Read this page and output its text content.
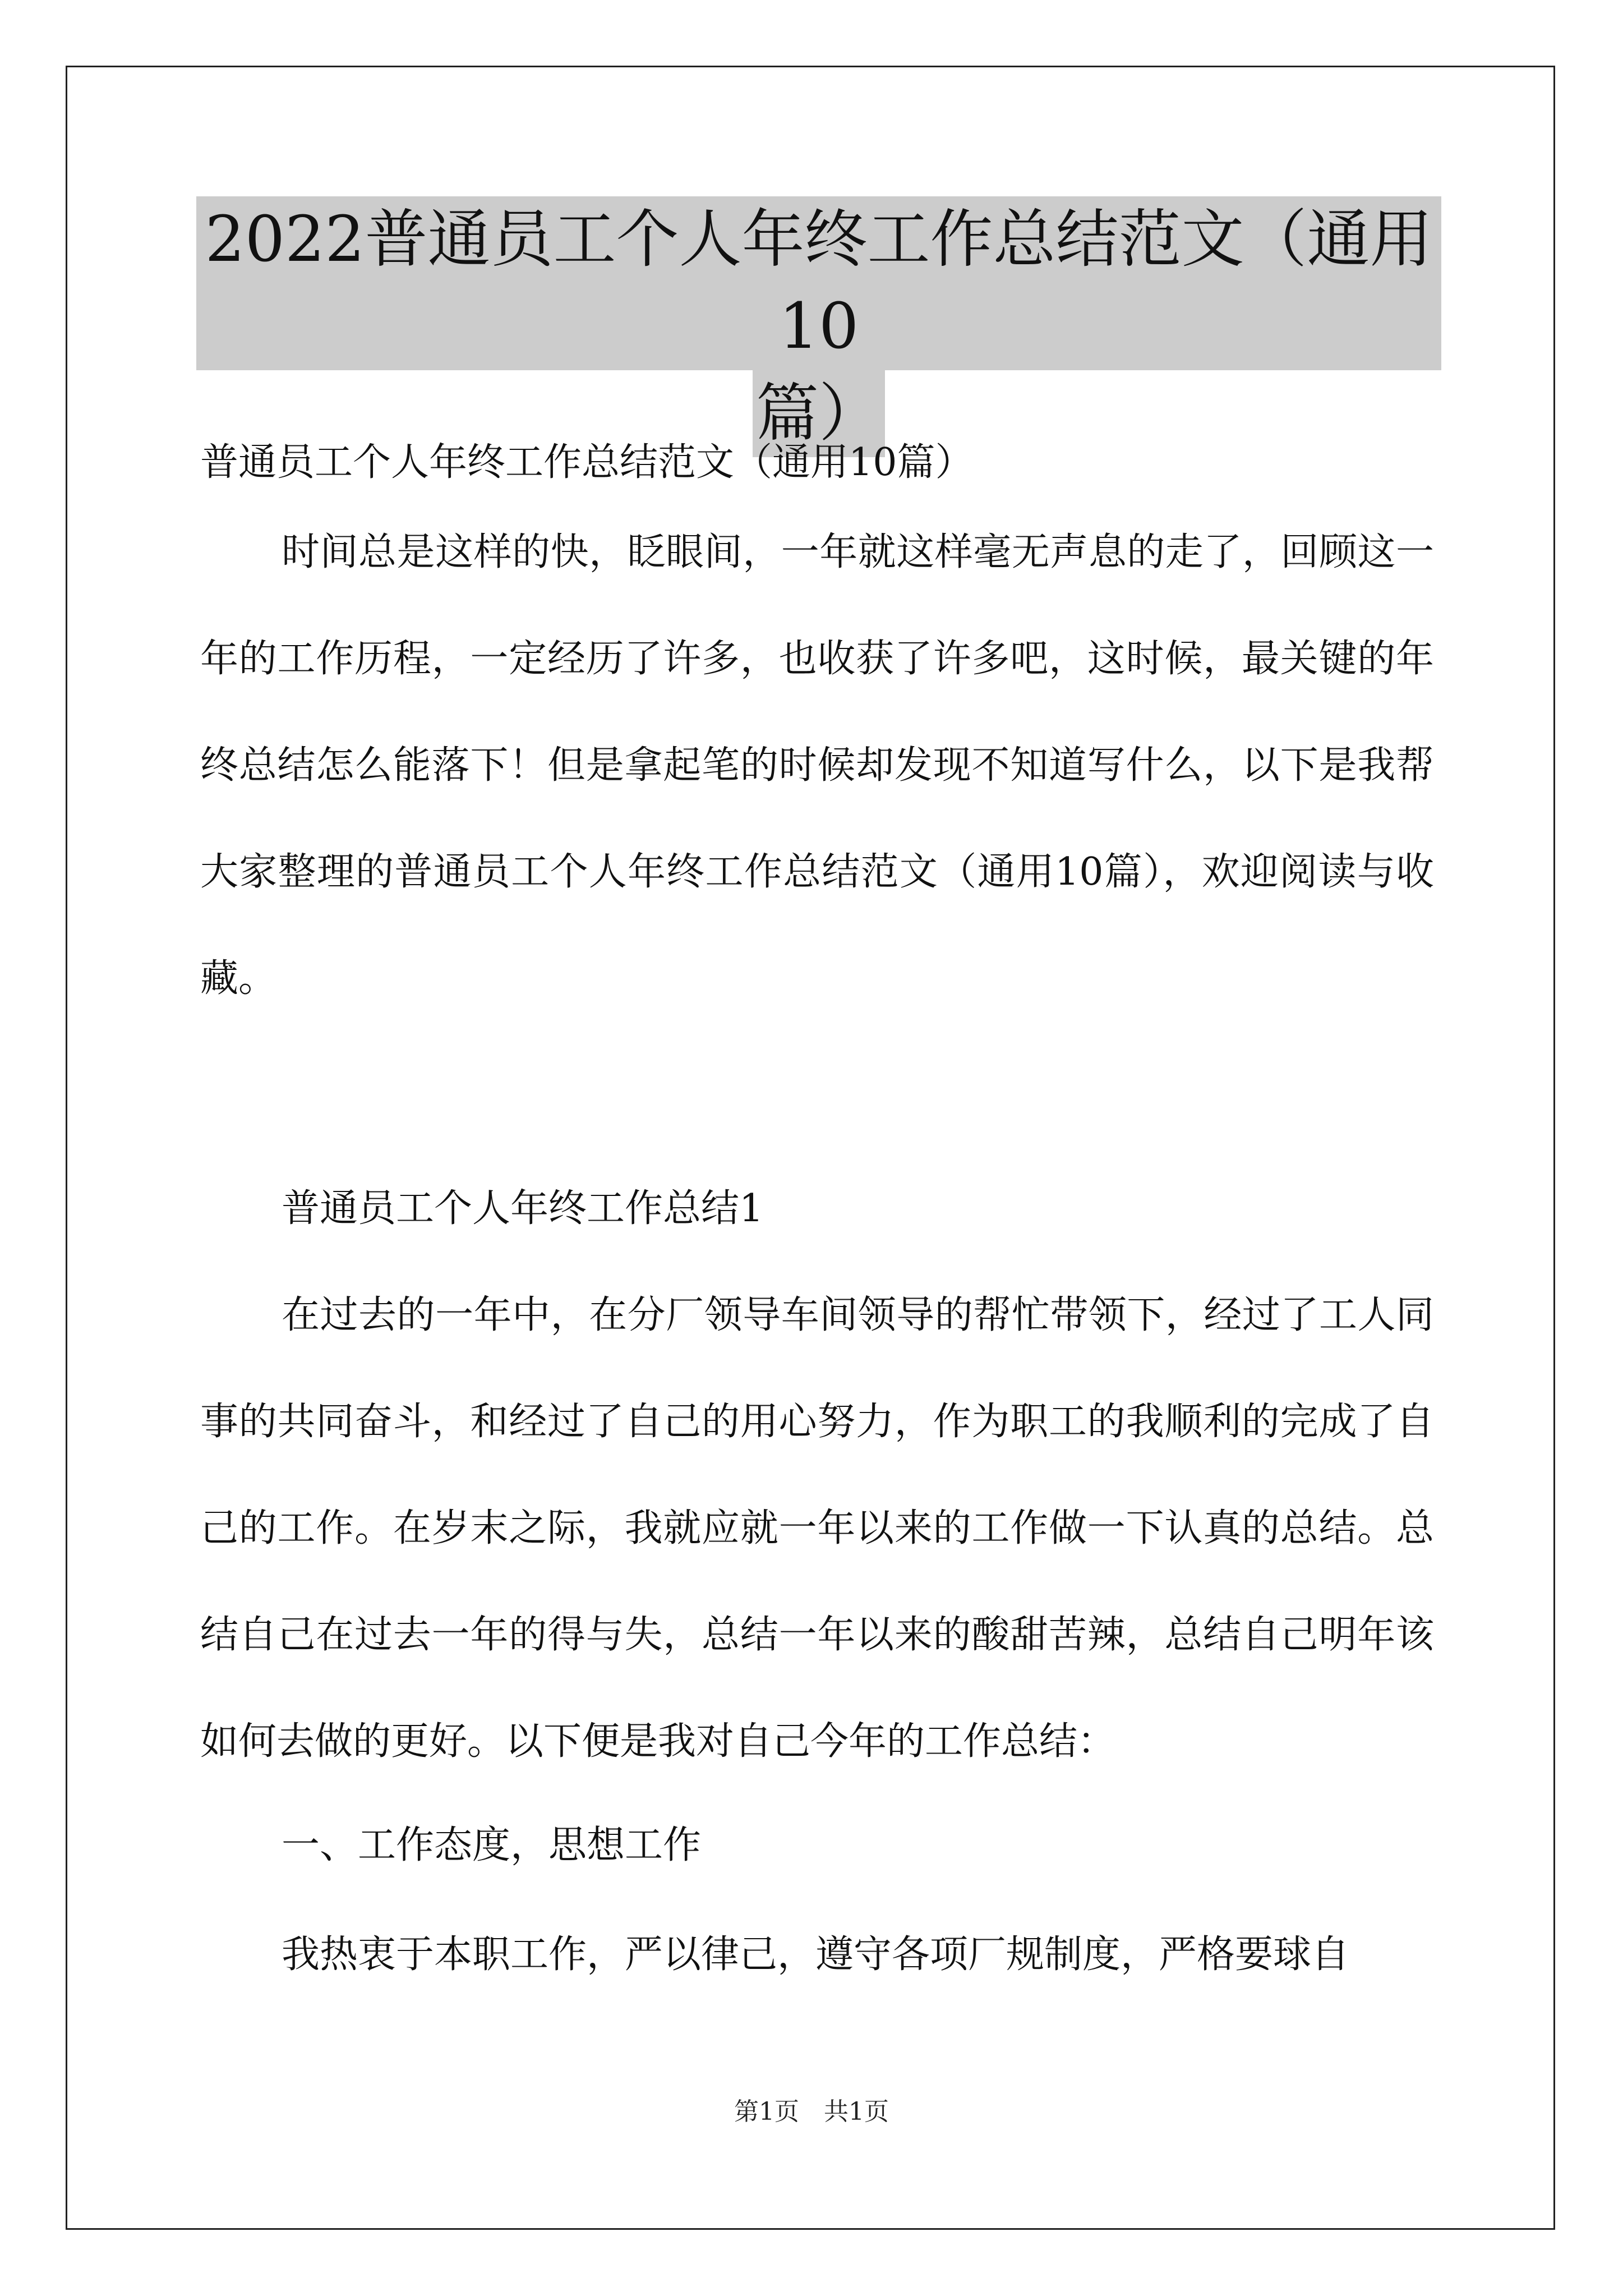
2022普通员工个人年终工作总结范文（通用10
篇）
普通员工个人年终工作总结范文（通用10篇）

时间总是这样的快，眨眼间，一年就这样毫无声息的走了，回顾这一年的工作历程，一定经历了许多，也收获了许多吧，这时候，最关键的年终总结怎么能落下！但是拿起笔的时候却发现不知道写什么，以下是我帮大家整理的普通员工个人年终工作总结范文（通用10篇），欢迎阅读与收藏。

普通员工个人年终工作总结1

在过去的一年中，在分厂领导车间领导的帮忙带领下，经过了工人同事的共同奋斗，和经过了自己的用心努力，作为职工的我顺利的完成了自己的工作。在岁末之际，我就应就一年以来的工作做一下认真的总结。总结自己在过去一年的得与失，总结一年以来的酸甜苦辣，总结自己明年该如何去做的更好。以下便是我对自己今年的工作总结：

一、工作态度，思想工作

我热衷于本职工作，严以律己，遵守各项厂规制度，严格要球自

第1页　共1页
